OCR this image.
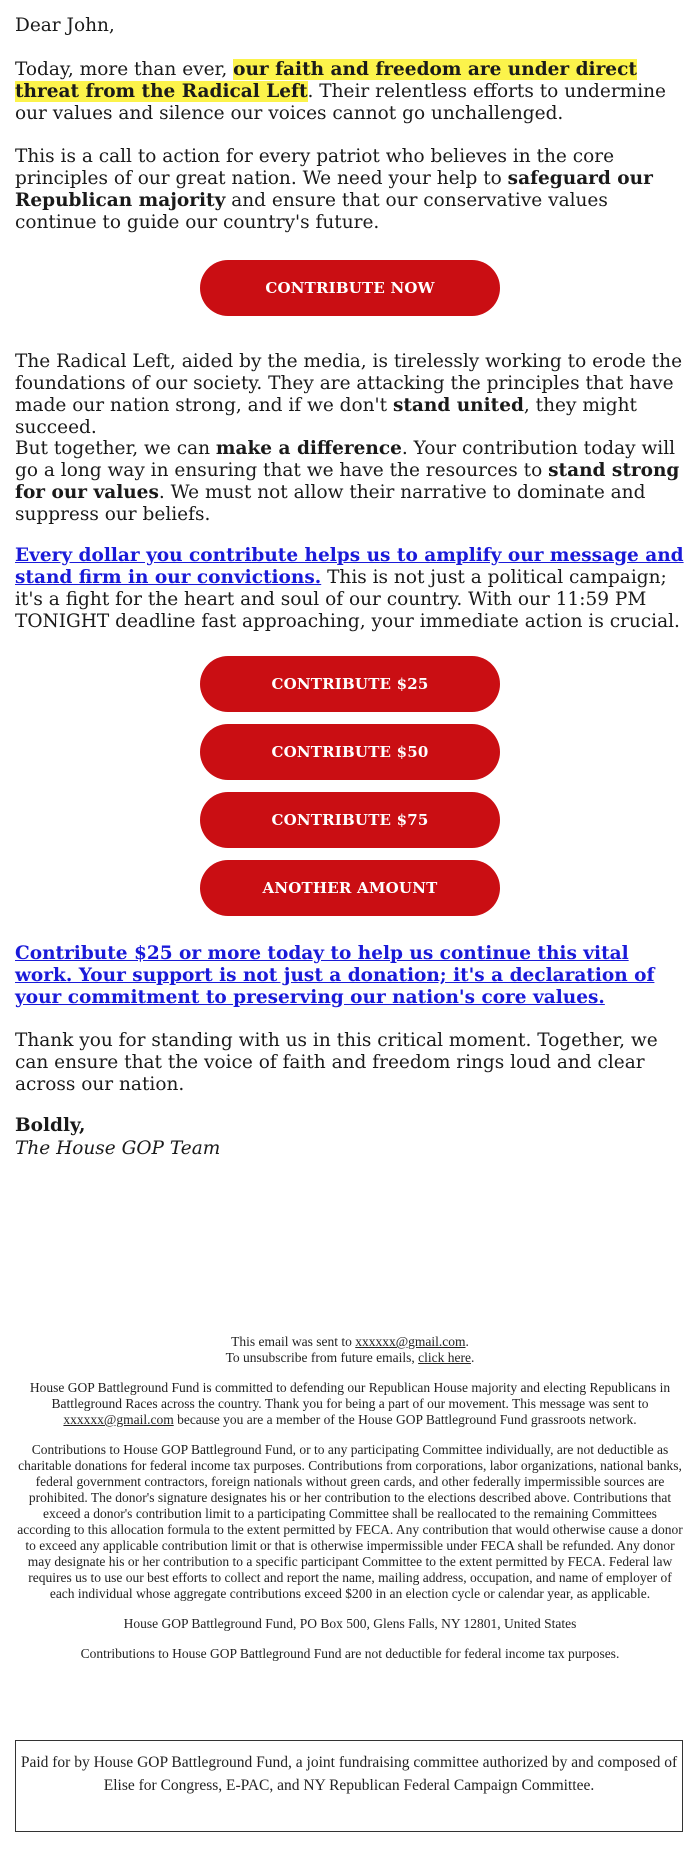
Dear John,

Today, more than ever, our faith and freedom are under direct threat from the Radical Left. Their relentless efforts to undermine our values and silence our voices cannot go unchallenged.

This is a call to action for every patriot who believes in the core principles of our great nation. We need your help to safeguard our Republican majority and ensure that our conservative values continue to guide our country's future.

CONTRIBUTE NOW

The Radical Left, aided by the media, is tirelessly working to erode the foundations of our society. They are attacking the principles that have made our nation strong, and if we don't stand united, they might succeed.

But together, we can make a difference. Your contribution today will go a long way in ensuring that we have the resources to stand strong for our values. We must not allow their narrative to dominate and suppress our beliefs.

Every dollar you contribute helps us to amplify our message and stand firm in our convictions. This is not just a political campaign; it's a fight for the heart and soul of our country. With our 11:59 PM TONIGHT deadline fast approaching, your immediate action is crucial.

CONTRIBUTE $25
CONTRIBUTE $50
CONTRIBUTE $75
ANOTHER AMOUNT

Contribute $25 or more today to help us continue this vital work. Your support is not just a donation; it's a declaration of your commitment to preserving our nation's core values.

Thank you for standing with us in this critical moment. Together, we can ensure that the voice of faith and freedom rings loud and clear across our nation.

Boldly,

The House GOP Team

This email was sent to xxxxxx@gmail.com.

To unsubscribe from future emails, click here.

House GOP Battleground Fund is committed to defending our Republican House majority and electing Republicans in Battleground Races across the country. Thank you for being a part of our movement. This message was sent to xxxxxx@gmail.com because you are a member of the House GOP Battleground Fund grassroots network.

Contributions to House GOP Battleground Fund, or to any participating Committee individually, are not deductible as charitable donations for federal income tax purposes. Contributions from corporations, labor organizations, national banks, federal government contractors, foreign nationals without green cards, and other federally impermissible sources are prohibited. The donor's signature designates his or her contribution to the elections described above. Contributions that exceed a donor's contribution limit to a participating Committee shall be reallocated to the remaining Committees according to this allocation formula to the extent permitted by FECA. Any contribution that would otherwise cause a donor to exceed any applicable contribution limit or that is otherwise impermissible under FECA shall be refunded. Any donor may designate his or her contribution to a specific participant Committee to the extent permitted by FECA. Federal law requires us to use our best efforts to collect and report the name, mailing address, occupation, and name of employer of each individual whose aggregate contributions exceed $200 in an election cycle or calendar year, as applicable.

House GOP Battleground Fund, PO Box 500, Glens Falls, NY 12801, United States

Contributions to House GOP Battleground Fund are not deductible for federal income tax purposes.

Paid for by House GOP Battleground Fund, a joint fundraising committee authorized by and composed of Elise for Congress, E-PAC, and NY Republican Federal Campaign Committee.
